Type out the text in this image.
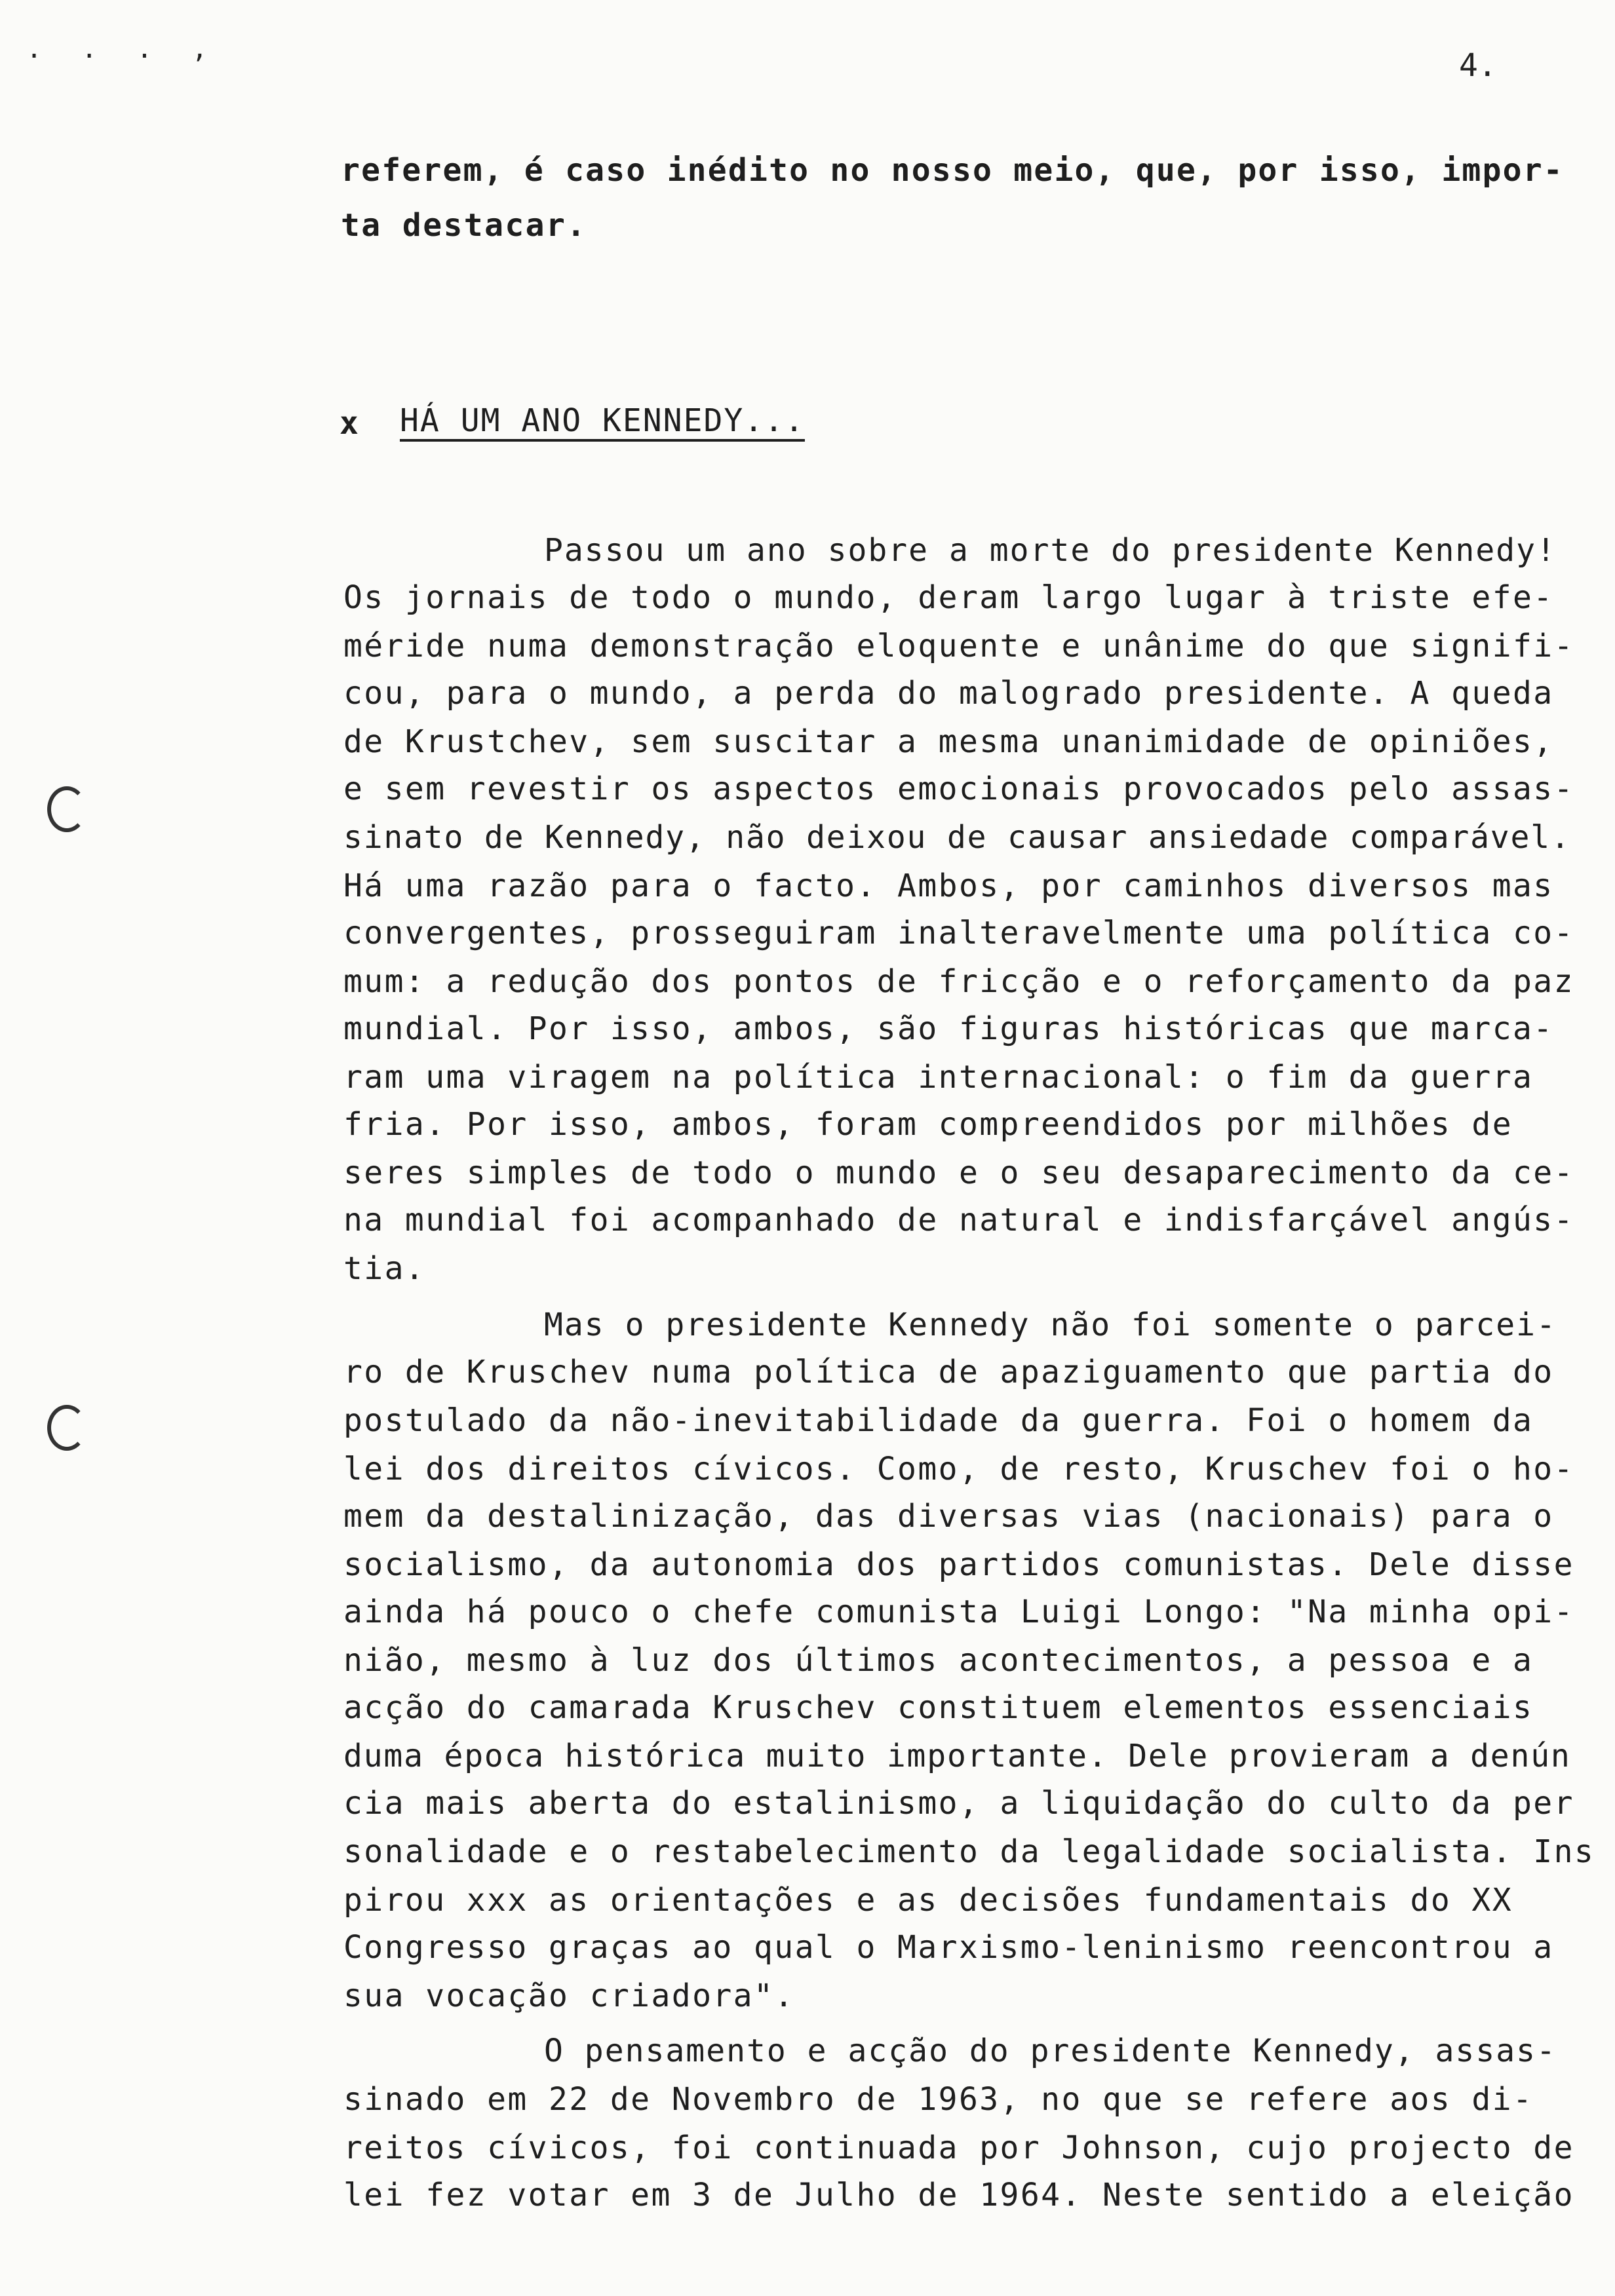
. . . ,	4.
referem, é caso inédito no nosso meio, que, por isso, impor-
ta destacar.
x HÁ UM ANO KENNEDY...
Passou um ano sobre a morte do presidente Kennedy!
Os jornais de todo o mundo, deram largo lugar à triste efe-
méride numa demonstração eloquente e unânime do que signifi-
cou, para o mundo, a perda do malogrado presidente. A queda
de Krustchev, sem suscitar a mesma unanimidade de opiniões,
e sem revestir os aspectos emocionais provocados pelo assas-
sinato de Kennedy, não deixou de causar ansiedade comparável.
Há uma razão para o facto. Ambos, por caminhos diversos mas
convergentes, prosseguiram inalteravelmente uma política co-
mum: a redução dos pontos de fricção e o reforçamento da paz
mundial. Por isso, ambos, são figuras históricas que marca-
ram uma viragem na política internacional: o fim da guerra
fria. Por isso, ambos, foram compreendidos por milhões de
seres simples de todo o mundo e o seu desaparecimento da ce-
na mundial foi acompanhado de natural e indisfarçável angús-
tia.
Mas o presidente Kennedy não foi somente o parcei-
ro de Kruschev numa política de apaziguamento que partia do
postulado da não-inevitabilidade da guerra. Foi o homem da
lei dos direitos cívicos. Como, de resto, Kruschev foi o ho-
mem da destalinização, das diversas vias (nacionais) para o
socialismo, da autonomia dos partidos comunistas. Dele disse
ainda há pouco o chefe comunista Luigi Longo: "Na minha opi-
nião, mesmo à luz dos últimos acontecimentos, a pessoa e a
acção do camarada Kruschev constituem elementos essenciais
duma época histórica muito importante. Dele provieram a denún
cia mais aberta do estalinismo, a liquidação do culto da per
sonalidade e o restabelecimento da legalidade socialista. Ins
pirou xxx as orientações e as decisões fundamentais do XX
Congresso graças ao qual o Marxismo-leninismo reencontrou a
sua vocação criadora".
O pensamento e acção do presidente Kennedy, assas-
sinado em 22 de Novembro de 1963, no que se refere aos di-
reitos cívicos, foi continuada por Johnson, cujo projecto de
lei fez votar em 3 de Julho de 1964. Neste sentido a eleição
